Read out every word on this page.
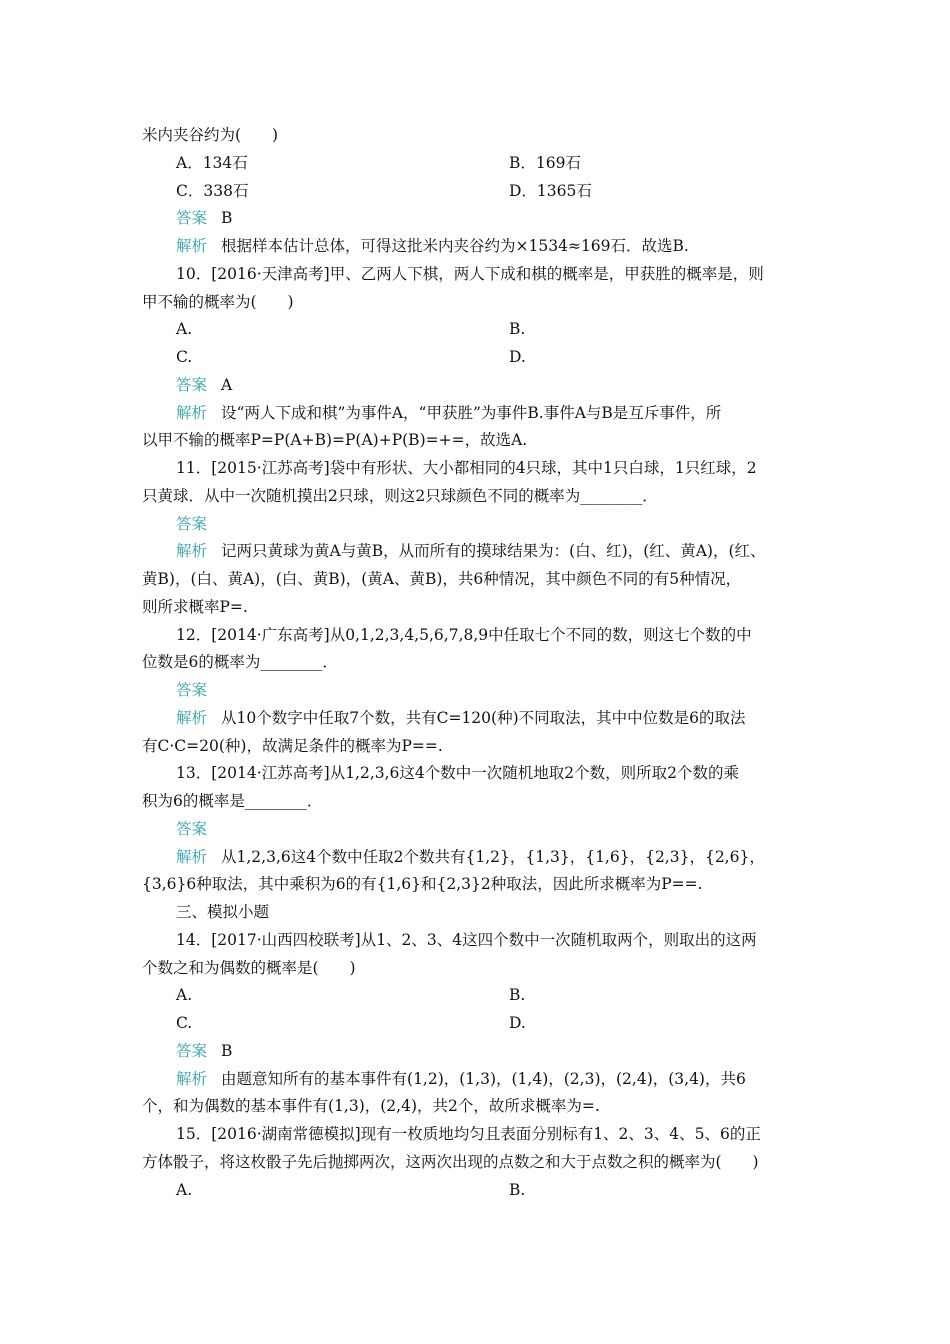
米内夹谷约为(　　)
A．134石	B．169石
C．338石	D．1365石
答案 B
解析 根据样本估计总体，可得这批米内夹谷约为×1534≈169石．故选B.
10．[2016·天津高考]甲、乙两人下棋，两人下成和棋的概率是，甲获胜的概率是，则
甲不输的概率为(　　)
A.	B.
C.	D.
答案 A
解析 设“两人下成和棋”为事件A，“甲获胜”为事件B.事件A与B是互斥事件，所
以甲不输的概率P=P(A+B)=P(A)+P(B)=+=，故选A.
11．[2015·江苏高考]袋中有形状、大小都相同的4只球，其中1只白球，1只红球，2
只黄球．从中一次随机摸出2只球，则这2只球颜色不同的概率为________．
答案
解析 记两只黄球为黄A与黄B，从而所有的摸球结果为：(白、红)，(红、黄A)，(红、
黄B)，(白、黄A)，(白、黄B)，(黄A、黄B)，共6种情况，其中颜色不同的有5种情况，
则所求概率P=.
12．[2014·广东高考]从0,1,2,3,4,5,6,7,8,9中任取七个不同的数，则这七个数的中
位数是6的概率为________．
答案
解析 从10个数字中任取7个数，共有C=120(种)不同取法，其中中位数是6的取法
有C·C=20(种)，故满足条件的概率为P==.
13．[2014·江苏高考]从1,2,3,6这4个数中一次随机地取2个数，则所取2个数的乘
积为6的概率是________．
答案
解析 从1,2,3,6这4个数中任取2个数共有{1,2}，{1,3}，{1,6}，{2,3}，{2,6}，
{3,6}6种取法，其中乘积为6的有{1,6}和{2,3}2种取法，因此所求概率为P==.
三、模拟小题
14．[2017·山西四校联考]从1、2、3、4这四个数中一次随机取两个，则取出的这两
个数之和为偶数的概率是(　　)
A.	B.
C.	D.
答案 B
解析 由题意知所有的基本事件有(1,2)，(1,3)，(1,4)，(2,3)，(2,4)，(3,4)，共6
个，和为偶数的基本事件有(1,3)，(2,4)，共2个，故所求概率为=.
15．[2016·湖南常德模拟]现有一枚质地均匀且表面分别标有1、2、3、4、5、6的正
方体骰子，将这枚骰子先后抛掷两次，这两次出现的点数之和大于点数之积的概率为(　　)
A.	B.
